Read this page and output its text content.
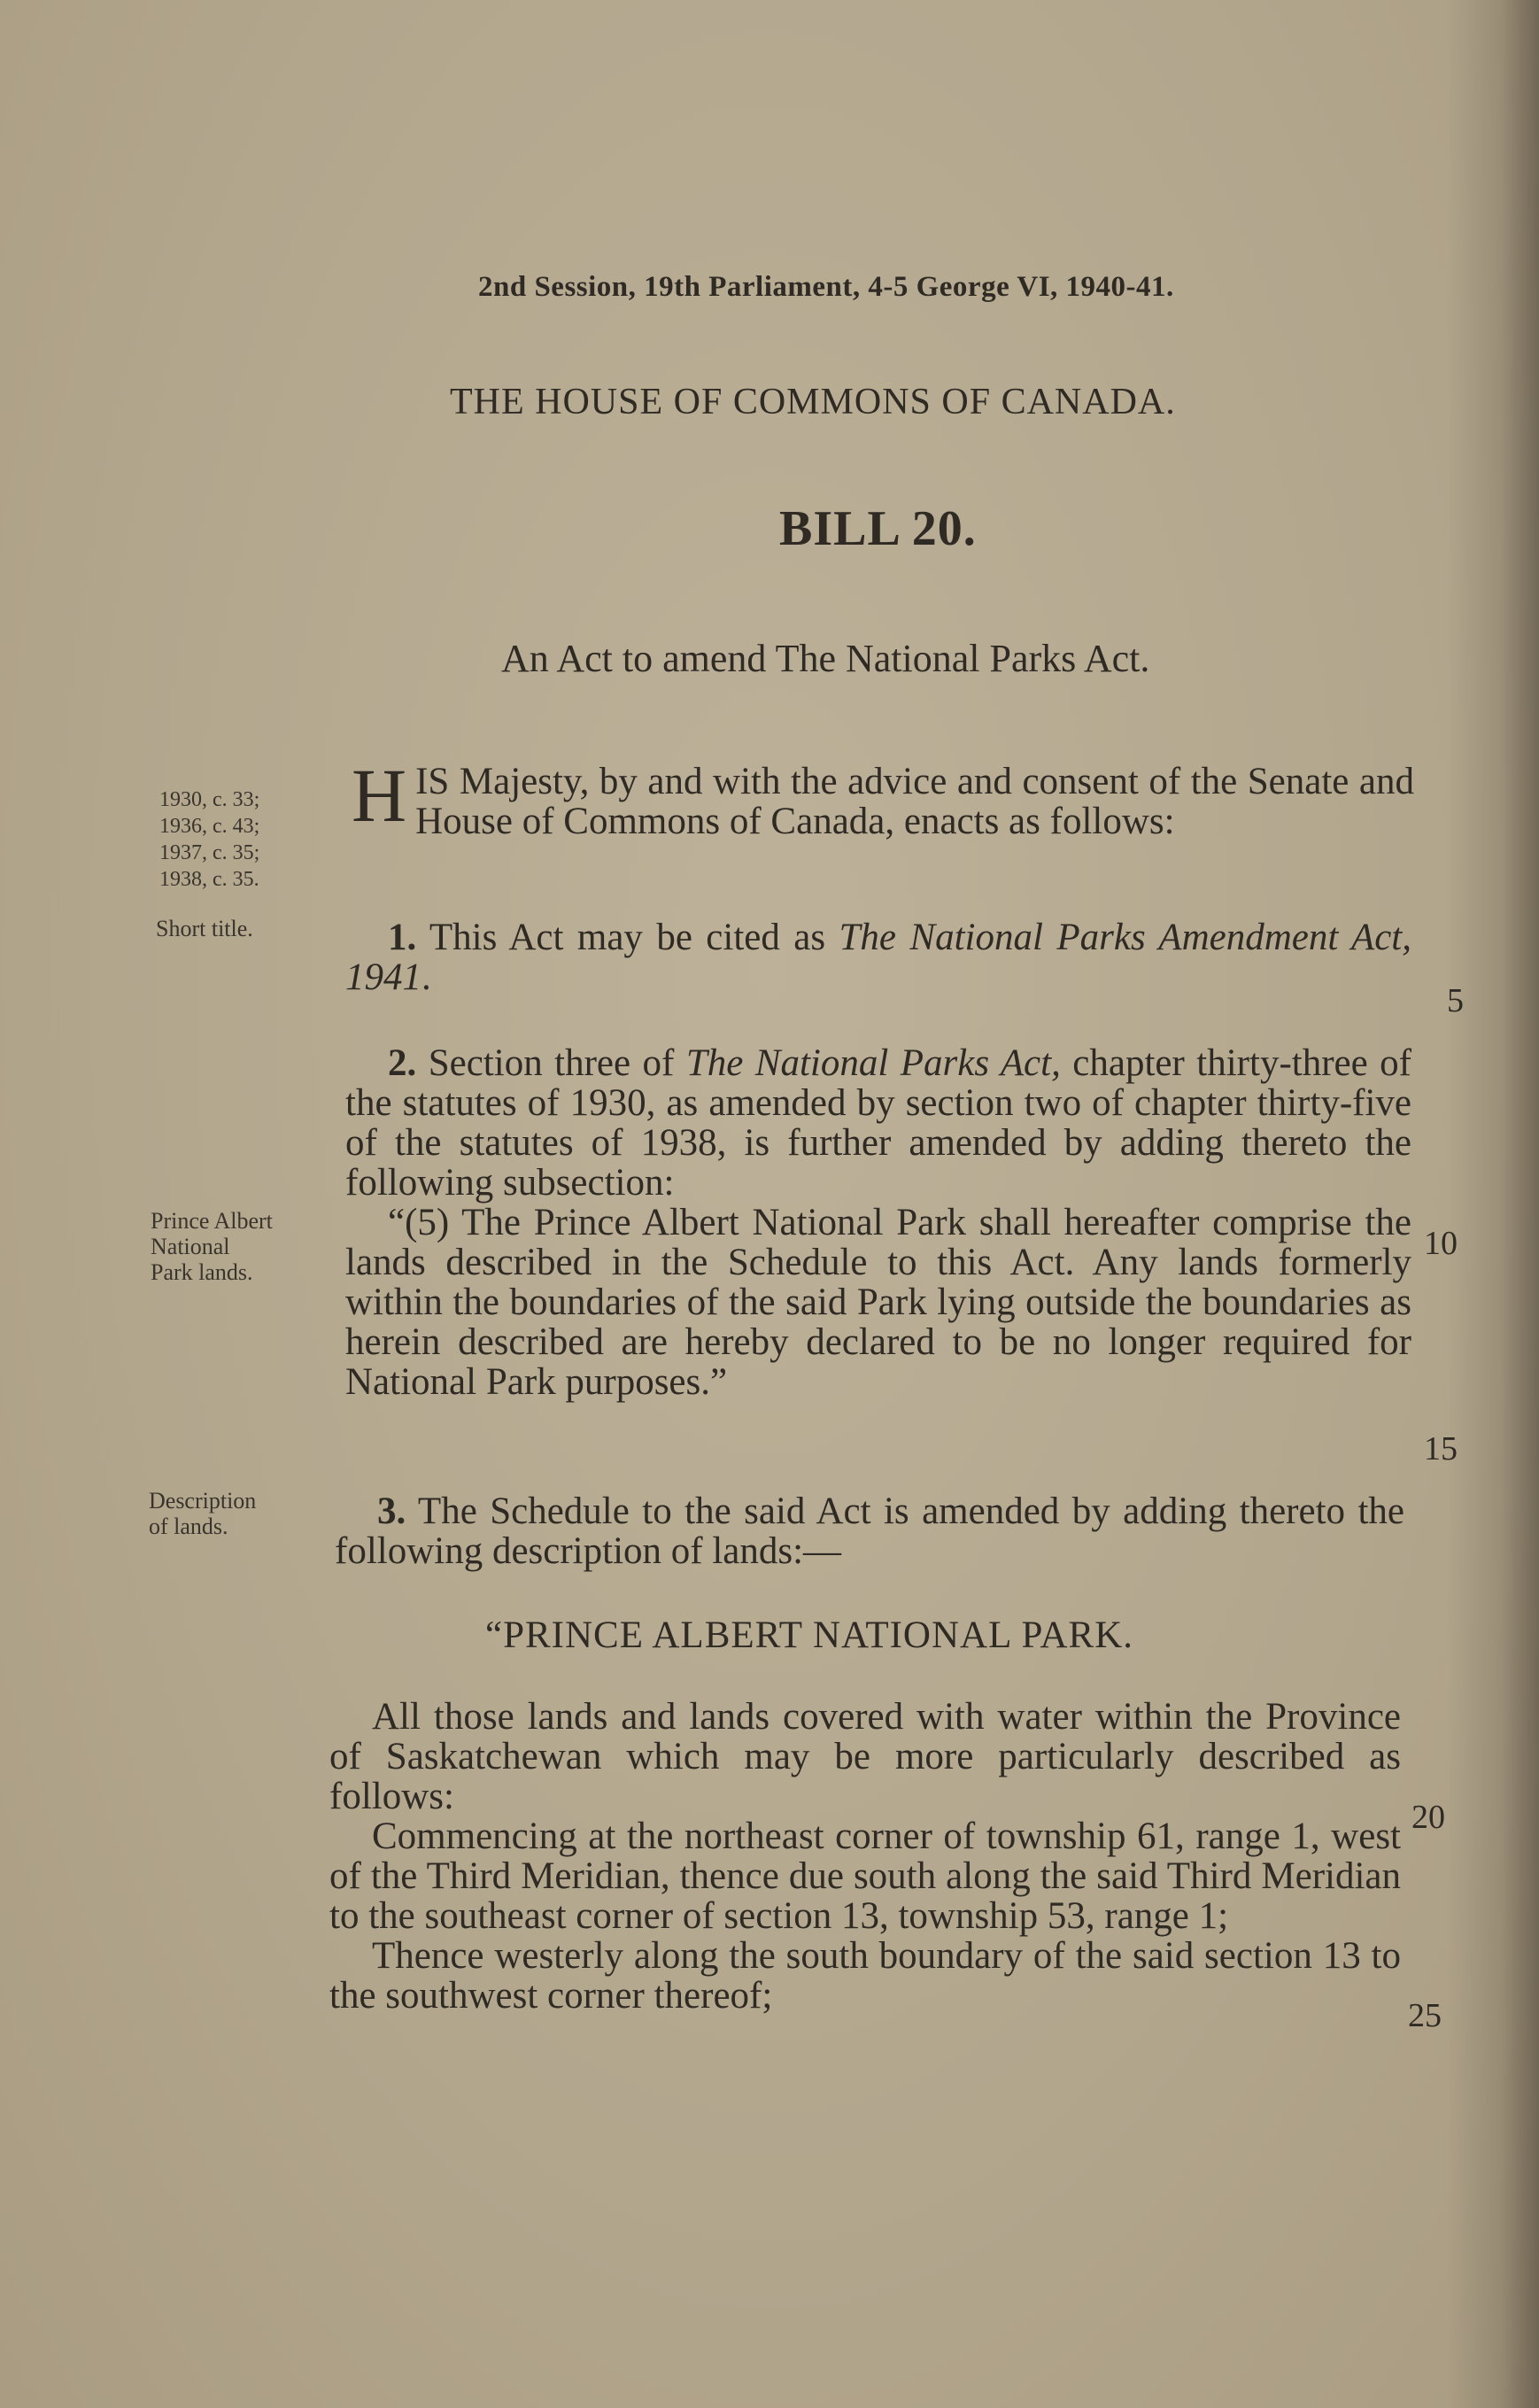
2nd Session, 19th Parliament, 4-5 George VI, 1940-41.
THE HOUSE OF COMMONS OF CANADA.
BILL 20.
An Act to amend The National Parks Act.
1930, c. 33;
1936, c. 43;
1937, c. 35;
1938, c. 35.
Short title.
Prince Albert
National
Park lands.
Description
of lands.
HIS Majesty, by and with the advice and consent of the Senate and House of Commons of Canada, enacts as follows:

1. This Act may be cited as The National Parks Amendment Act, 1941.

2. Section three of The National Parks Act, chapter thirty-three of the statutes of 1930, as amended by section two of chapter thirty-five of the statutes of 1938, is further amended by adding thereto the following subsection:

“(5) The Prince Albert National Park shall hereafter comprise the lands described in the Schedule to this Act. Any lands formerly within the boundaries of the said Park lying outside the boundaries as herein described are hereby declared to be no longer required for National Park purposes.”

3. The Schedule to the said Act is amended by adding thereto the following description of lands:—

“PRINCE ALBERT NATIONAL PARK.

All those lands and lands covered with water within the Province of Saskatchewan which may be more particularly described as follows:

Commencing at the northeast corner of township 61, range 1, west of the Third Meridian, thence due south along the said Third Meridian to the southeast corner of section 13, township 53, range 1;

Thence westerly along the south boundary of the said section 13 to the southwest corner thereof;

5
10
15
20
25
